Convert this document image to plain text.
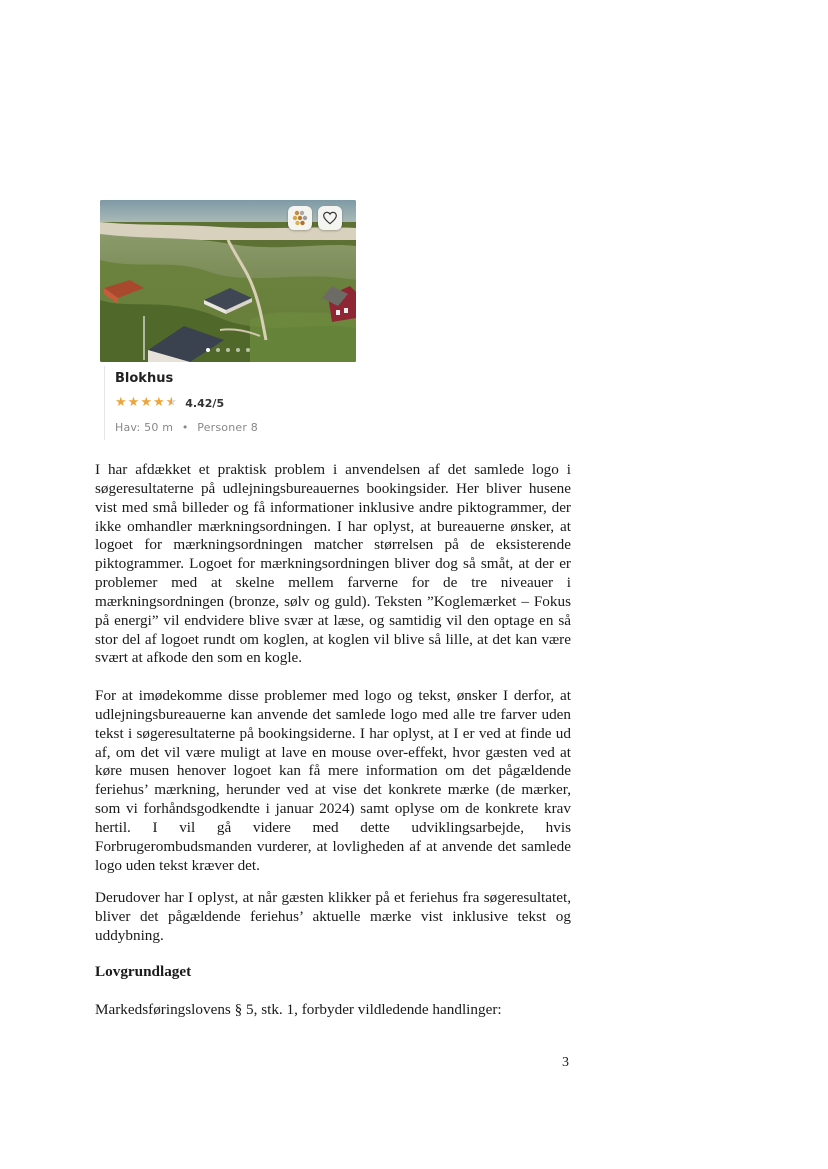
Blokhus
★ ★ ★ ★ ★ 4.42/5
Hav: 50 m • Personer 8
I har afdækket et praktisk problem i anvendelsen af det samlede logo i søgeresultaterne på udlejningsbureauernes bookingsider. Her bliver husene vist med små billeder og få informationer inklusive andre piktogrammer, der ikke omhandler mærkningsordningen. I har oplyst, at bureauerne ønsker, at logoet for mærkningsordningen matcher størrelsen på de eksisterende piktogrammer. Logoet for mærkningsordningen bliver dog så småt, at der er problemer med at skelne mellem farverne for de tre niveauer i mærkningsordningen (bronze, sølv og guld). Teksten ”Koglemærket – Fokus på energi” vil endvidere blive svær at læse, og samtidig vil den optage en så stor del af logoet rundt om koglen, at koglen vil blive så lille, at det kan være svært at afkode den som en kogle.
For at imødekomme disse problemer med logo og tekst, ønsker I derfor, at udlejningsbureauerne kan anvende det samlede logo med alle tre farver uden tekst i søgeresultaterne på bookingsiderne. I har oplyst, at I er ved at finde ud af, om det vil være muligt at lave en mouse over-effekt, hvor gæsten ved at køre musen henover logoet kan få mere information om det pågældende feriehus’ mærkning, herunder ved at vise det konkrete mærke (de mærker, som vi forhåndsgodkendte i januar 2024) samt oplyse om de konkrete krav hertil. I vil gå videre med dette udviklingsarbejde, hvis Forbrugerombudsmanden vurderer, at lovligheden af at anvende det samlede logo uden tekst kræver det.
Derudover har I oplyst, at når gæsten klikker på et feriehus fra søgeresultatet, bliver det pågældende feriehus’ aktuelle mærke vist inklusive tekst og uddybning.
Lovgrundlaget
Markedsføringslovens § 5, stk. 1, forbyder vildledende handlinger:
3
